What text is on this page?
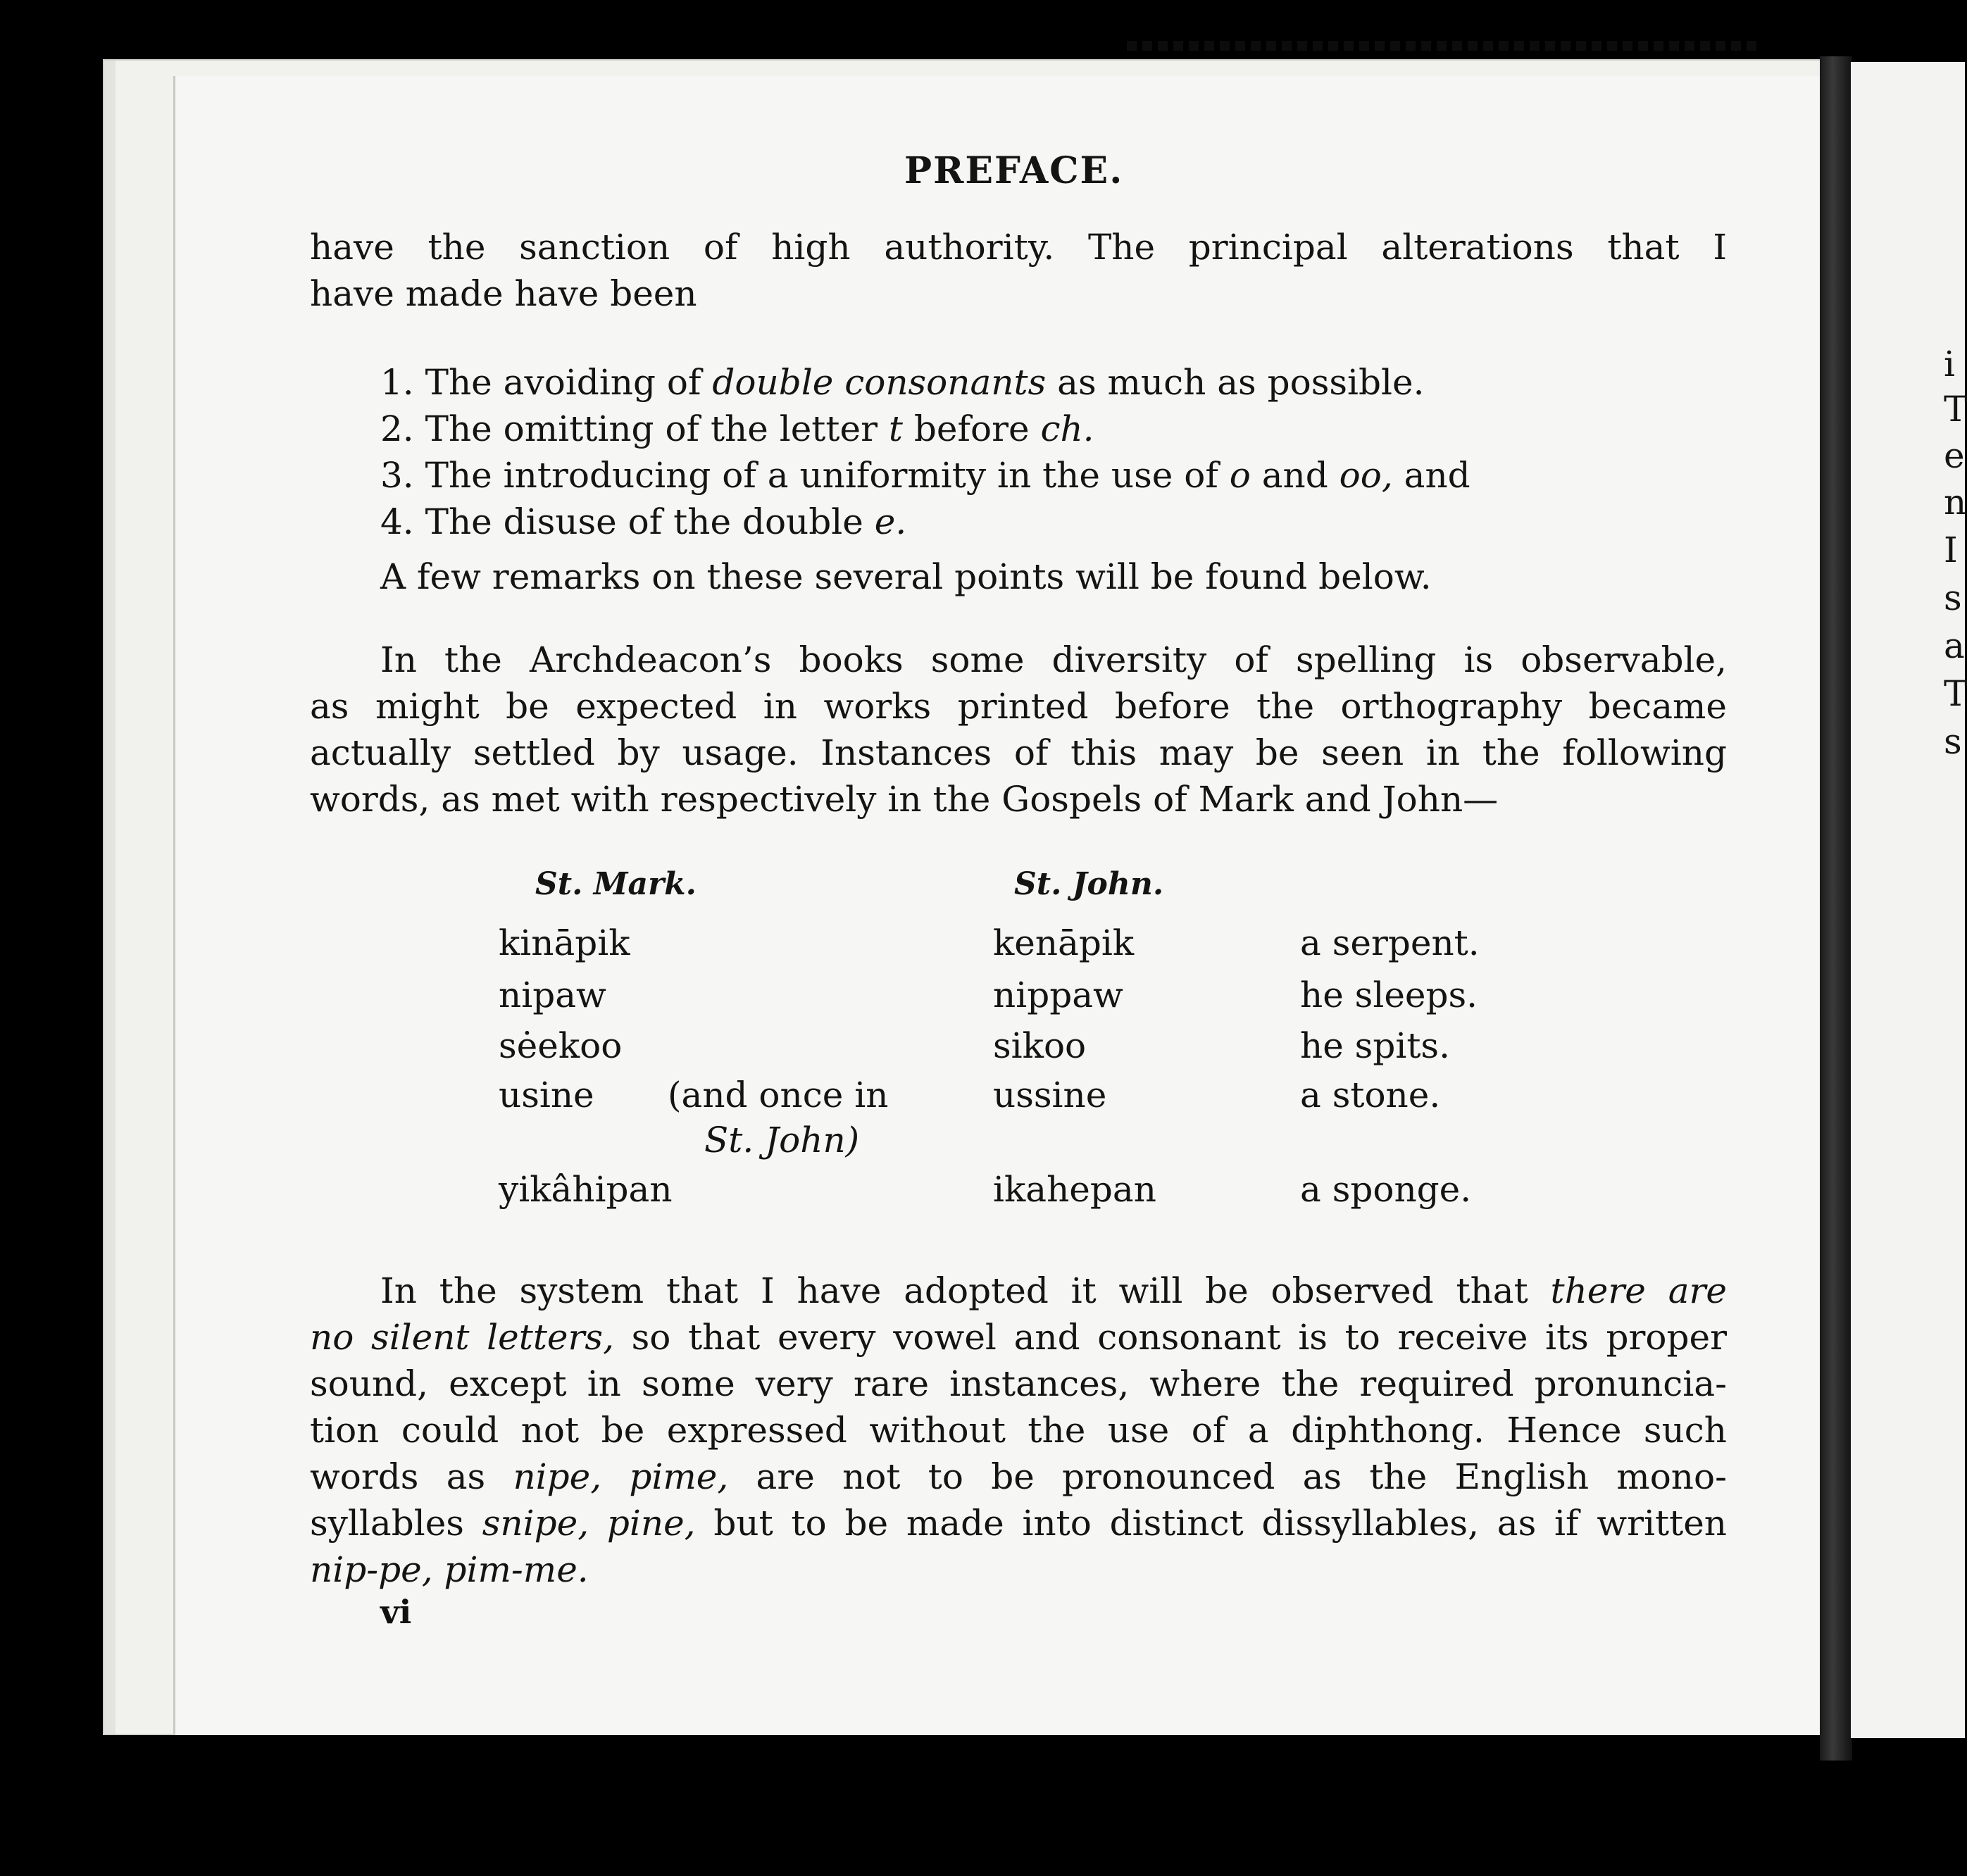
i
T
e
n
I
s
a
T
s
PREFACE.
have the sanction of high authority. The principal alterations that I
have made have been
1. The avoiding of double consonants as much as possible.
2. The omitting of the letter t before ch.
3. The introducing of a uniformity in the use of o and oo, and
4. The disuse of the double e.
A few remarks on these several points will be found below.
In the Archdeacon’s books some diversity of spelling is observable,
as might be expected in works printed before the orthography became
actually settled by usage. Instances of this may be seen in the following
words, as met with respectively in the Gospels of Mark and John—
St. Mark.	St. John.
kināpik	kenāpik	a serpent.
nipaw	nippaw	he sleeps.
sėekoo	sikoo	he spits.
usine (and once in	ussine	a stone.
St. John)
yikâhipan	ikahepan	a sponge.
In the system that I have adopted it will be observed that there are
no silent letters, so that every vowel and consonant is to receive its proper
sound, except in some very rare instances, where the required pronuncia-
tion could not be expressed without the use of a diphthong. Hence such
words as nipe, pime, are not to be pronounced as the English mono-
syllables snipe, pine, but to be made into distinct dissyllables, as if written
nip-pe, pim-me.
vi
